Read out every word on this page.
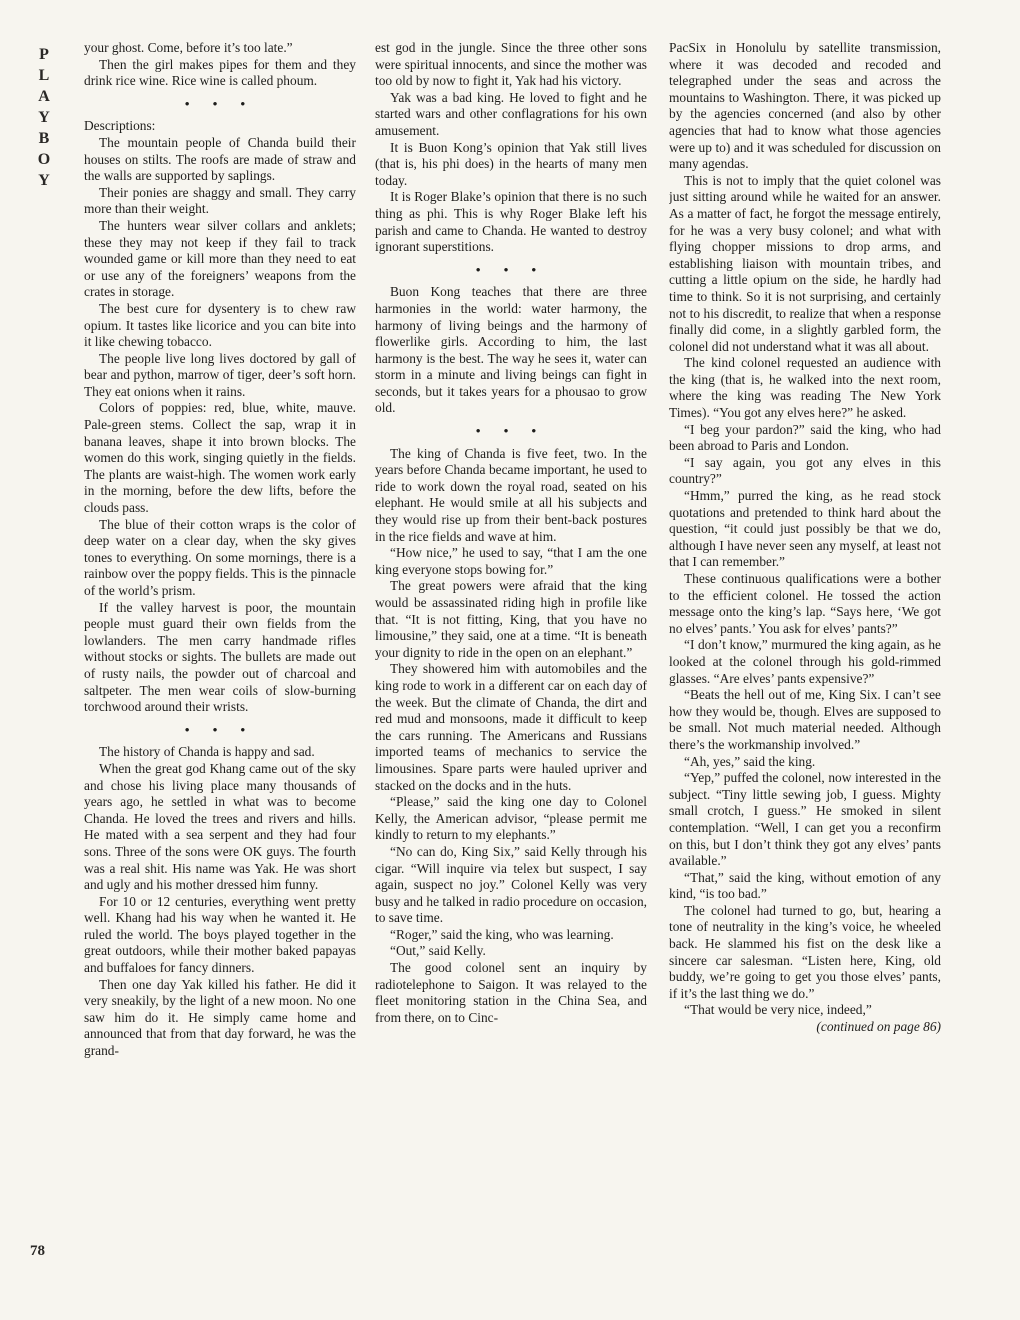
P
L
A
Y
B
O
Y

your ghost. Come, before it’s too late.”

Then the girl makes pipes for them and they drink rice wine. Rice wine is called phoum.

• • •

Descriptions:

The mountain people of Chanda build their houses on stilts. The roofs are made of straw and the walls are supported by saplings.

Their ponies are shaggy and small. They carry more than their weight.

The hunters wear silver collars and anklets; these they may not keep if they fail to track wounded game or kill more than they need to eat or use any of the foreigners’ weapons from the crates in storage.

The best cure for dysentery is to chew raw opium. It tastes like licorice and you can bite into it like chewing tobacco.

The people live long lives doctored by gall of bear and python, marrow of tiger, deer’s soft horn. They eat onions when it rains.

Colors of poppies: red, blue, white, mauve. Pale-green stems. Collect the sap, wrap it in banana leaves, shape it into brown blocks. The women do this work, singing quietly in the fields. The plants are waist-high. The women work early in the morning, before the dew lifts, before the clouds pass.

The blue of their cotton wraps is the color of deep water on a clear day, when the sky gives tones to everything. On some mornings, there is a rainbow over the poppy fields. This is the pinnacle of the world’s prism.

If the valley harvest is poor, the mountain people must guard their own fields from the lowlanders. The men carry handmade rifles without stocks or sights. The bullets are made out of rusty nails, the powder out of charcoal and saltpeter. The men wear coils of slow-burning torchwood around their wrists.

• • •

The history of Chanda is happy and sad.

When the great god Khang came out of the sky and chose his living place many thousands of years ago, he settled in what was to become Chanda. He loved the trees and rivers and hills. He mated with a sea serpent and they had four sons. Three of the sons were OK guys. The fourth was a real shit. His name was Yak. He was short and ugly and his mother dressed him funny.

For 10 or 12 centuries, everything went pretty well. Khang had his way when he wanted it. He ruled the world. The boys played together in the great outdoors, while their mother baked papayas and buffaloes for fancy dinners.

Then one day Yak killed his father. He did it very sneakily, by the light of a new moon. No one saw him do it. He simply came home and announced that from that day forward, he was the grand-

est god in the jungle. Since the three other sons were spiritual innocents, and since the mother was too old by now to fight it, Yak had his victory.

Yak was a bad king. He loved to fight and he started wars and other conflagrations for his own amusement.

It is Buon Kong’s opinion that Yak still lives (that is, his phi does) in the hearts of many men today.

It is Roger Blake’s opinion that there is no such thing as phi. This is why Roger Blake left his parish and came to Chanda. He wanted to destroy ignorant superstitions.

• • •

Buon Kong teaches that there are three harmonies in the world: water harmony, the harmony of living beings and the harmony of flowerlike girls. According to him, the last harmony is the best. The way he sees it, water can storm in a minute and living beings can fight in seconds, but it takes years for a phousao to grow old.

• • •

The king of Chanda is five feet, two. In the years before Chanda became important, he used to ride to work down the royal road, seated on his elephant. He would smile at all his subjects and they would rise up from their bent-back postures in the rice fields and wave at him.

“How nice,” he used to say, “that I am the one king everyone stops bowing for.”

The great powers were afraid that the king would be assassinated riding high in profile like that. “It is not fitting, King, that you have no limousine,” they said, one at a time. “It is beneath your dignity to ride in the open on an elephant.”

They showered him with automobiles and the king rode to work in a different car on each day of the week. But the climate of Chanda, the dirt and red mud and monsoons, made it difficult to keep the cars running. The Americans and Russians imported teams of mechanics to service the limousines. Spare parts were hauled upriver and stacked on the docks and in the huts.

“Please,” said the king one day to Colonel Kelly, the American advisor, “please permit me kindly to return to my elephants.”

“No can do, King Six,” said Kelly through his cigar. “Will inquire via telex but suspect, I say again, suspect no joy.” Colonel Kelly was very busy and he talked in radio procedure on occasion, to save time.

“Roger,” said the king, who was learning.

“Out,” said Kelly.

The good colonel sent an inquiry by radiotelephone to Saigon. It was relayed to the fleet monitoring station in the China Sea, and from there, on to Cinc-

PacSix in Honolulu by satellite transmission, where it was decoded and recoded and telegraphed under the seas and across the mountains to Washington. There, it was picked up by the agencies concerned (and also by other agencies that had to know what those agencies were up to) and it was scheduled for discussion on many agendas.

This is not to imply that the quiet colonel was just sitting around while he waited for an answer. As a matter of fact, he forgot the message entirely, for he was a very busy colonel; and what with flying chopper missions to drop arms, and establishing liaison with mountain tribes, and cutting a little opium on the side, he hardly had time to think. So it is not surprising, and certainly not to his discredit, to realize that when a response finally did come, in a slightly garbled form, the colonel did not understand what it was all about.

The kind colonel requested an audience with the king (that is, he walked into the next room, where the king was reading The New York Times). “You got any elves here?” he asked.

“I beg your pardon?” said the king, who had been abroad to Paris and London.

“I say again, you got any elves in this country?”

“Hmm,” purred the king, as he read stock quotations and pretended to think hard about the question, “it could just possibly be that we do, although I have never seen any myself, at least not that I can remember.”

These continuous qualifications were a bother to the efficient colonel. He tossed the action message onto the king’s lap. “Says here, ‘We got no elves’ pants.’ You ask for elves’ pants?”

“I don’t know,” murmured the king again, as he looked at the colonel through his gold-rimmed glasses. “Are elves’ pants expensive?”

“Beats the hell out of me, King Six. I can’t see how they would be, though. Elves are supposed to be small. Not much material needed. Although there’s the workmanship involved.”

“Ah, yes,” said the king.

“Yep,” puffed the colonel, now interested in the subject. “Tiny little sewing job, I guess. Mighty small crotch, I guess.” He smoked in silent contemplation. “Well, I can get you a reconfirm on this, but I don’t think they got any elves’ pants available.”

“That,” said the king, without emotion of any kind, “is too bad.”

The colonel had turned to go, but, hearing a tone of neutrality in the king’s voice, he wheeled back. He slammed his fist on the desk like a sincere car salesman. “Listen here, King, old buddy, we’re going to get you those elves’ pants, if it’s the last thing we do.”

“That would be very nice, indeed,”

(continued on page 86)

78
